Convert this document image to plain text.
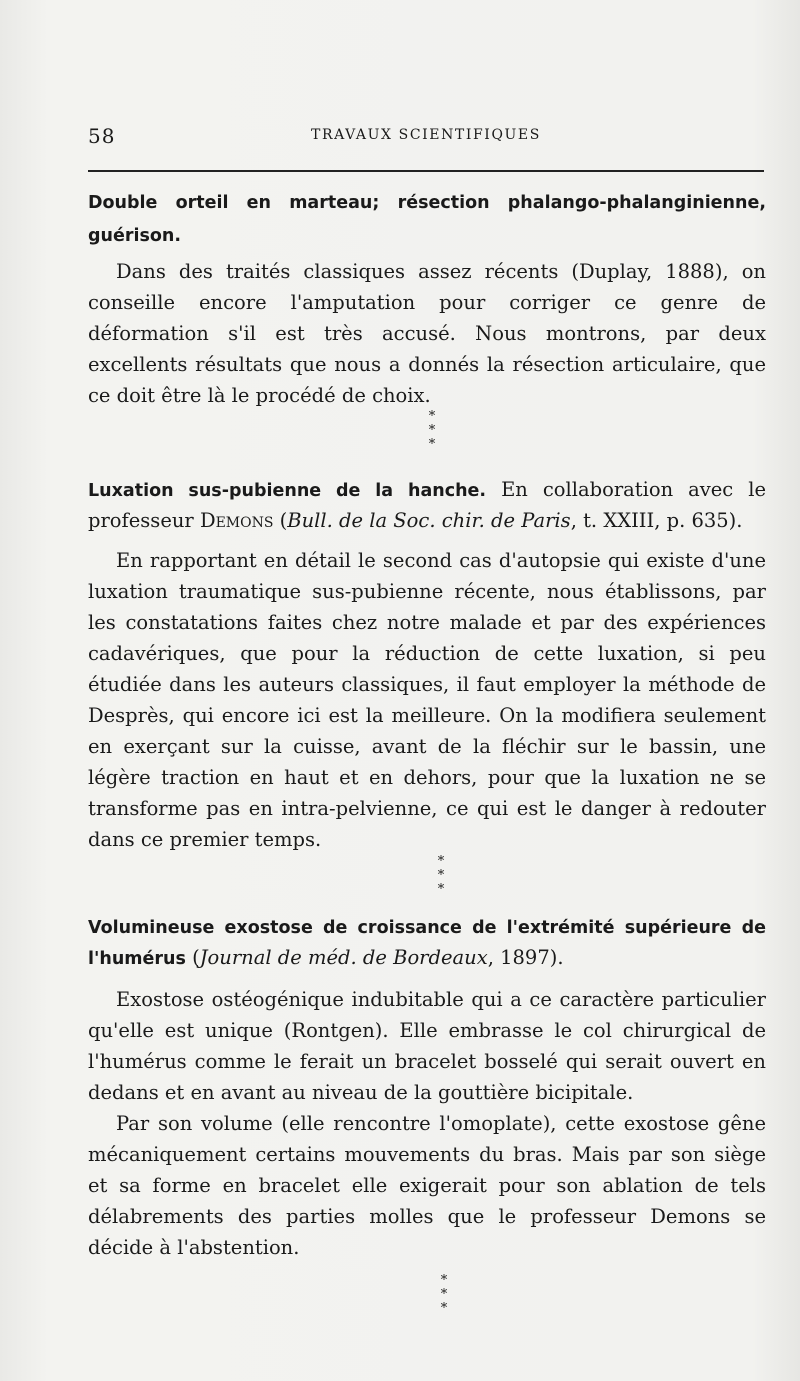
58	TRAVAUX SCIENTIFIQUES

Double orteil en marteau; résection phalango-phalanginienne, guérison.

Dans des traités classiques assez récents (Duplay, 1888), on conseille encore l'amputation pour corriger ce genre de déformation s'il est très accusé. Nous montrons, par deux excellents résultats que nous a donnés la résection articulaire, que ce doit être là le procédé de choix.

*
* *

Luxation sus-pubienne de la hanche. En collaboration avec le professeur Demons (Bull. de la Soc. chir. de Paris, t. XXIII, p. 635).

En rapportant en détail le second cas d'autopsie qui existe d'une luxation traumatique sus-pubienne récente, nous établissons, par les constatations faites chez notre malade et par des expériences cadavériques, que pour la réduction de cette luxation, si peu étudiée dans les auteurs classiques, il faut employer la méthode de Desprès, qui encore ici est la meilleure. On la modifiera seulement en exerçant sur la cuisse, avant de la fléchir sur le bassin, une légère traction en haut et en dehors, pour que la luxation ne se transforme pas en intra-pelvienne, ce qui est le danger à redouter dans ce premier temps.

*
* *

Volumineuse exostose de croissance de l'extrémité supérieure de l'humérus (Journal de méd. de Bordeaux, 1897).

Exostose ostéogénique indubitable qui a ce caractère particulier qu'elle est unique (Rontgen). Elle embrasse le col chirurgical de l'humérus comme le ferait un bracelet bosselé qui serait ouvert en dedans et en avant au niveau de la gouttière bicipitale.

Par son volume (elle rencontre l'omoplate), cette exostose gêne mécaniquement certains mouvements du bras. Mais par son siège et sa forme en bracelet elle exigerait pour son ablation de tels délabrements des parties molles que le professeur Demons se décide à l'abstention.

*
* *
